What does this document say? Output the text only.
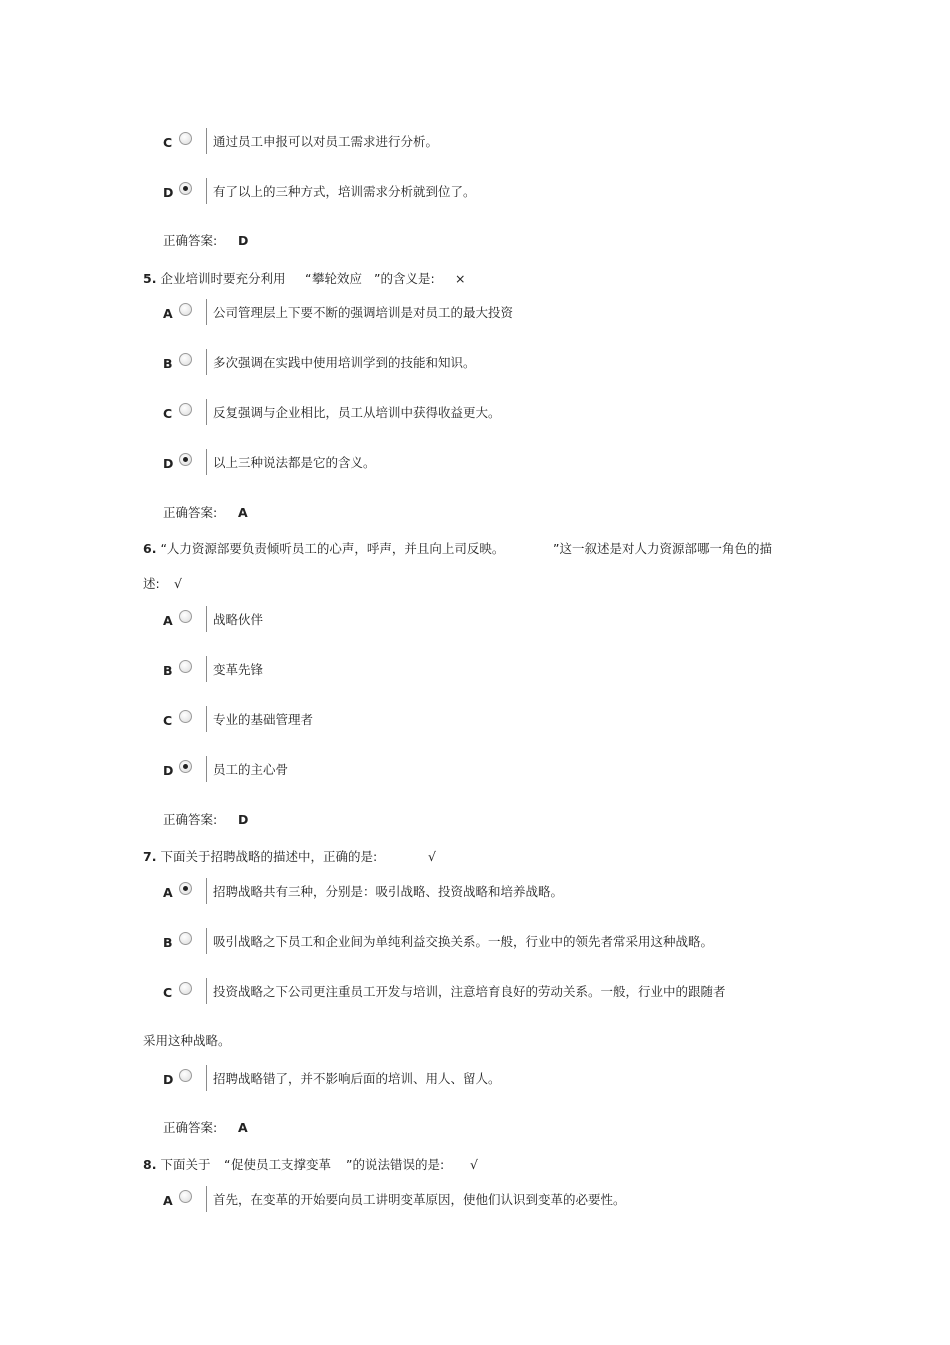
C	通过员工申报可以对员工需求进行分析。
D	有了以上的三种方式，培训需求分析就到位了。
正确答案: D
5. 企业培训时要充分利用 “ 攀轮效应 ”的含义是: ×
A	公司管理层上下要不断的强调培训是对员工的最大投资
B	多次强调在实践中使用培训学到的技能和知识。
C	反复强调与企业相比，员工从培训中获得收益更大。
D	以上三种说法都是它的含义。
正确答案: A
6. “人力资源部要负责倾听员工的心声，呼声，并且向上司反映。	”这一叙述是对人力资源部哪一角色的描
述: √
A	战略伙伴
B	变革先锋
C	专业的基础管理者
D	员工的主心骨
正确答案: D
7. 下面关于招聘战略的描述中，正确的是:	√
A	招聘战略共有三种，分别是：吸引战略、投资战略和培养战略。
B	吸引战略之下员工和企业间为单纯利益交换关系。一般，行业中的领先者常采用这种战略。
C	投资战略之下公司更注重员工开发与培训，注意培育良好的劳动关系。一般，行业中的跟随者
采用这种战略。
D	招聘战略错了，并不影响后面的培训、用人、留人。
正确答案: A
8. 下面关于 “ 促使员工支撑变革 ”的说法错误的是: √
A	首先，在变革的开始要向员工讲明变革原因，使他们认识到变革的必要性。
